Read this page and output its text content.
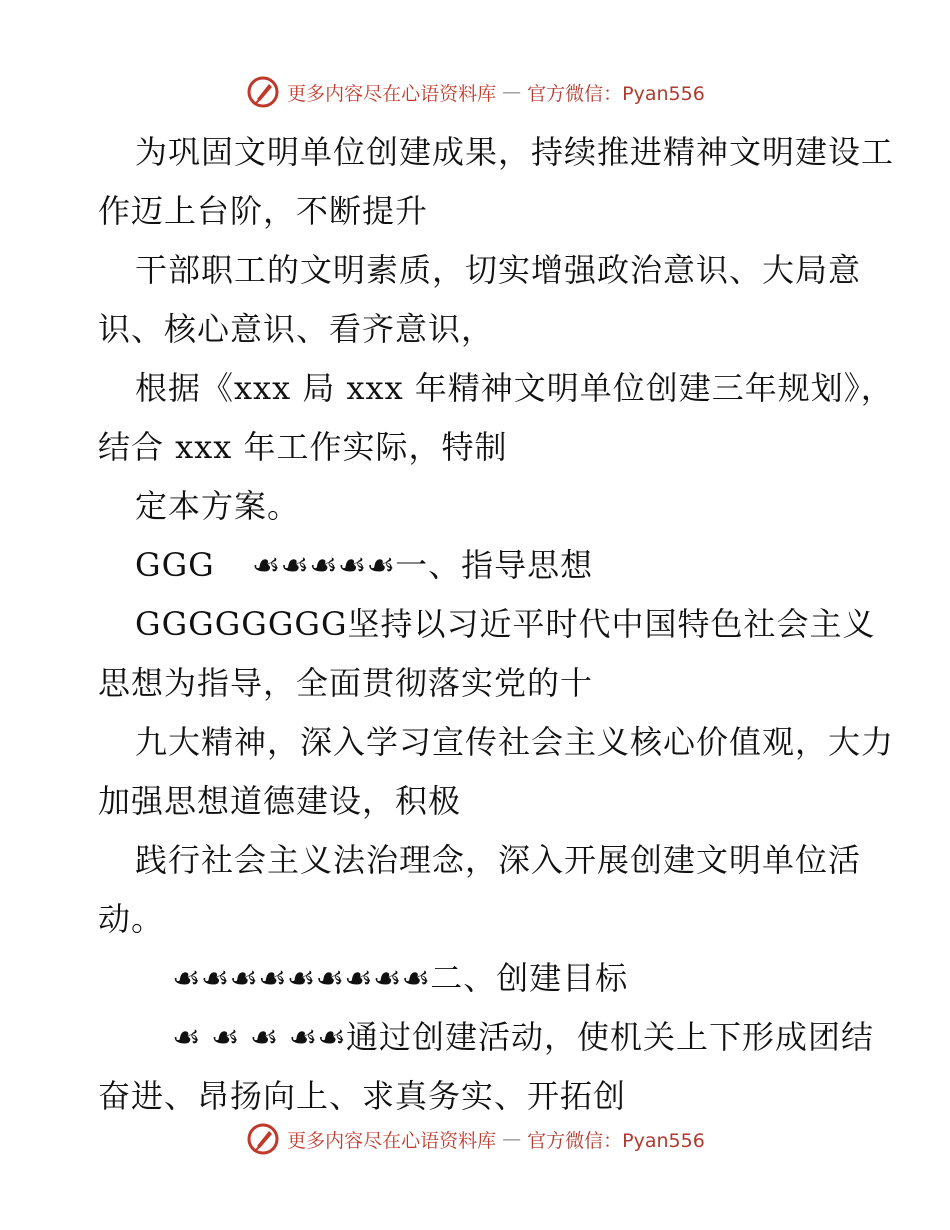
更多内容尽在心语资料库 — 官方微信：Pyan556

为巩固文明单位创建成果，持续推进精神文明建设工作迈上台阶，不断提升

干部职工的文明素质，切实增强政治意识、大局意识、核心意识、看齐意识，

根据《xxx 局 xxx 年精神文明单位创建三年规划》，结合 xxx 年工作实际，特制

定本方案。

GGG ☙☙☙☙☙一、指导思想

GGGGGGGG坚持以习近平时代中国特色社会主义思想为指导，全面贯彻落实党的十

九大精神，深入学习宣传社会主义核心价值观，大力加强思想道德建设，积极

践行社会主义法治理念，深入开展创建文明单位活动。

☙☙☙☙☙☙☙☙☙二、创建目标

☙ ☙ ☙ ☙☙通过创建活动，使机关上下形成团结奋进、昂扬向上、求真务实、开拓创

更多内容尽在心语资料库 — 官方微信：Pyan556
